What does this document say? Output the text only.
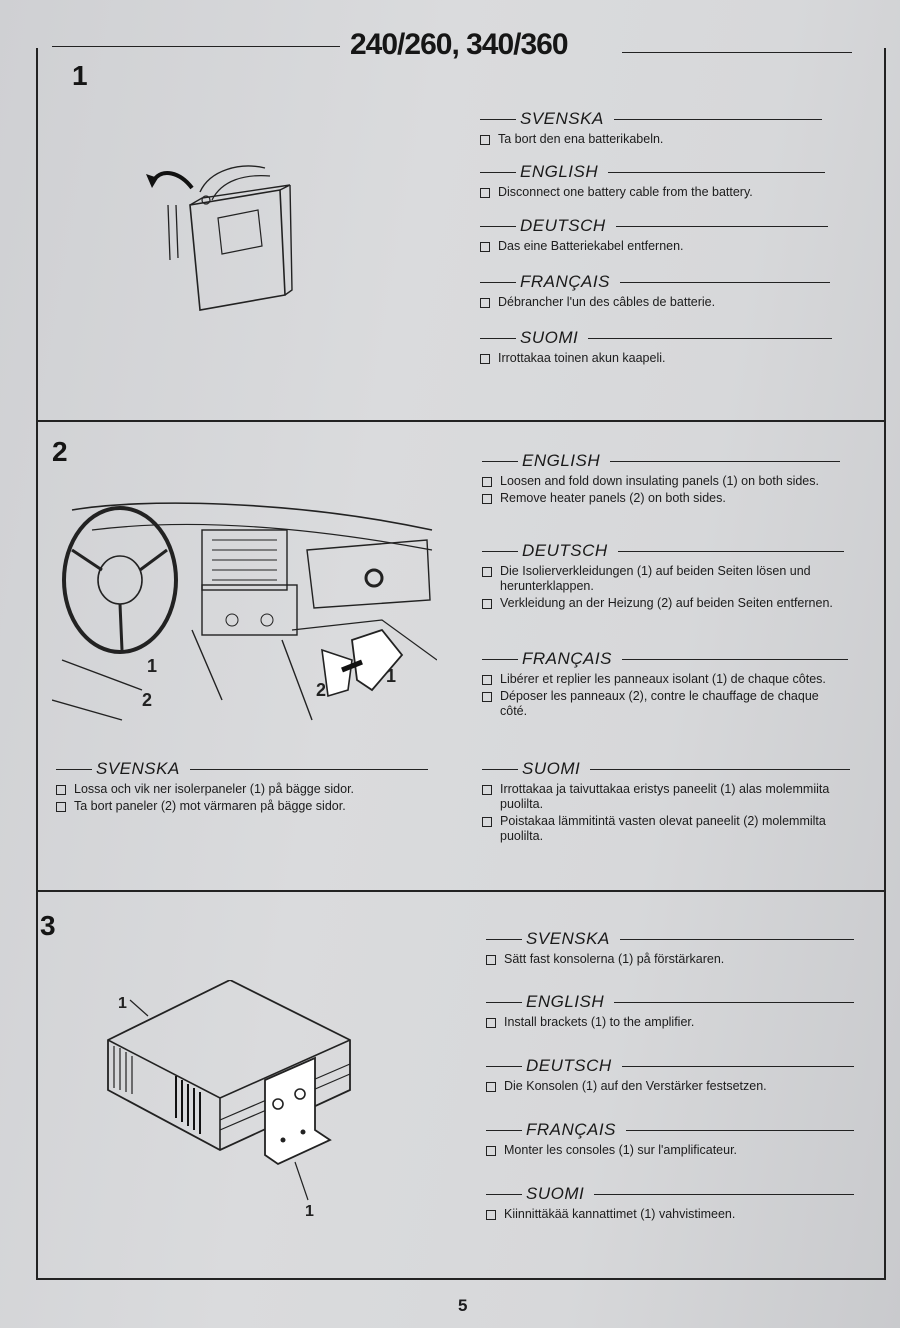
240/260, 340/360
1
SVENSKA
Ta bort den ena batterikabeln.
ENGLISH
Disconnect one battery cable from the battery.
DEUTSCH
Das eine Batteriekabel entfernen.
FRANÇAIS
Débrancher l'un des câbles de batterie.
SUOMI
Irrottakaa toinen akun kaapeli.
2
1
2	2
1
ENGLISH
Loosen and fold down insulating panels (1) on both sides.
Remove heater panels (2) on both sides.
DEUTSCH
Die Isolierverkleidungen (1) auf beiden Seiten lösen und herunterklappen.
Verkleidung an der Heizung (2) auf beiden Seiten entfernen.
FRANÇAIS
Libérer et replier les panneaux isolant (1) de chaque côtes.
Déposer les panneaux (2), contre le chauffage de chaque côté.
SUOMI
Irrottakaa ja taivuttakaa eristys paneelit (1) alas molemmiita puolilta.
Poistakaa lämmitintä vasten olevat paneelit (2) molemmilta puolilta.
SVENSKA
Lossa och vik ner isolerpaneler (1) på bägge sidor.
Ta bort paneler (2) mot värmaren på bägge sidor.
3
1
1
SVENSKA
Sätt fast konsolerna (1) på förstärkaren.
ENGLISH
Install brackets (1) to the amplifier.
DEUTSCH
Die Konsolen (1) auf den Verstärker festsetzen.
FRANÇAIS
Monter les consoles (1) sur l'amplificateur.
SUOMI
Kiinnittäkää kannattimet (1) vahvistimeen.
5
